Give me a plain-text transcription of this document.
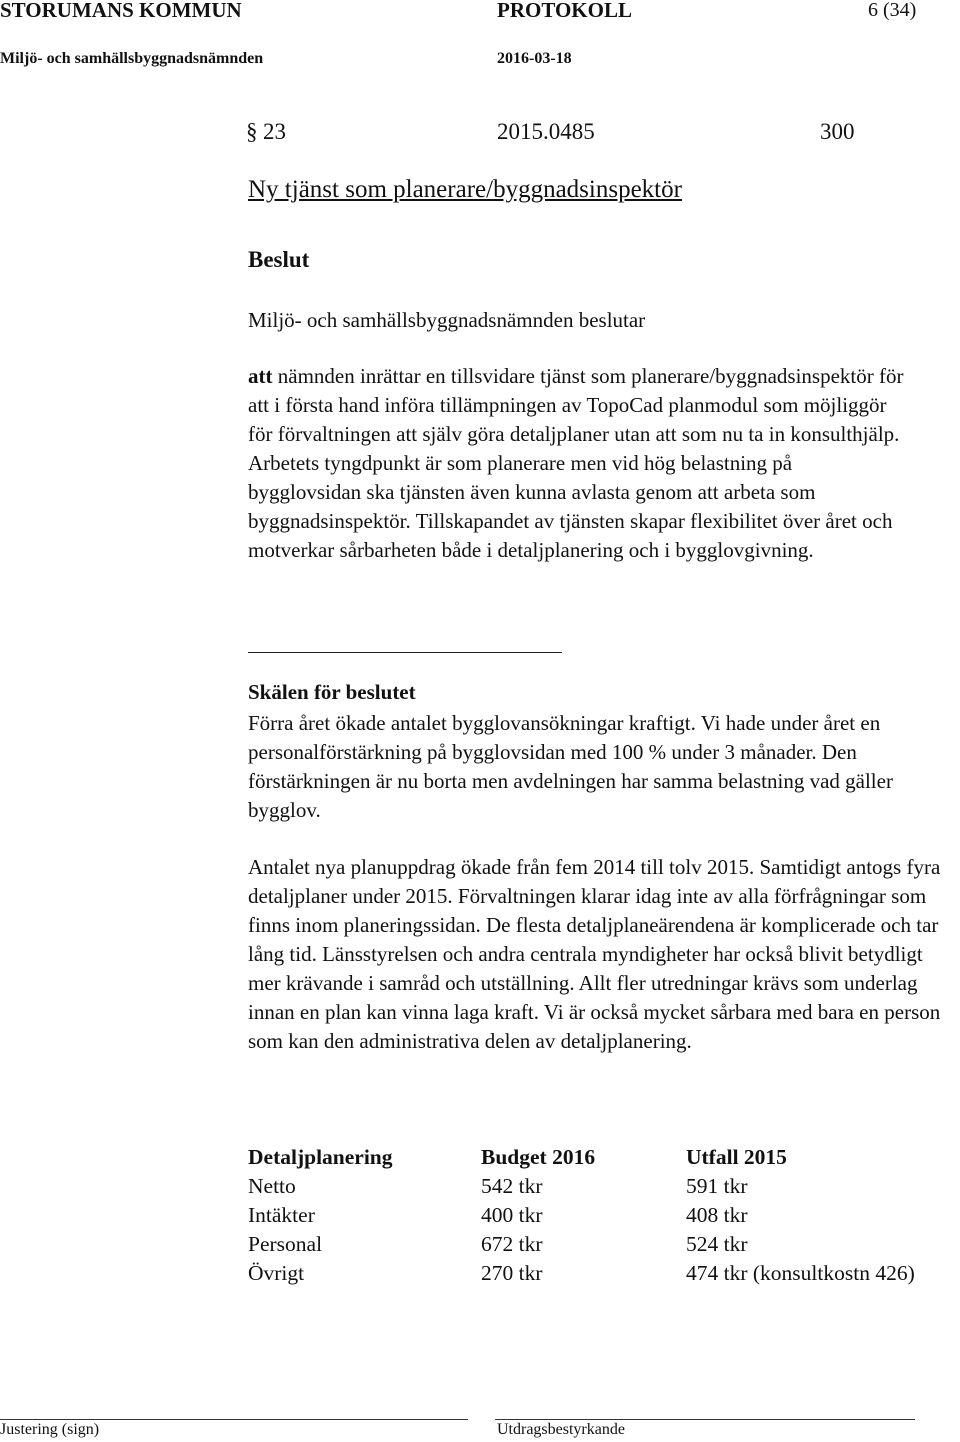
STORUMANS KOMMUN	PROTOKOLL	6 (34)
Miljö- och samhällsbyggnadsnämnden	2016-03-18
§ 23	2015.0485	300
Ny tjänst som planerare/byggnadsinspektör
Beslut
Miljö- och samhällsbyggnadsnämnden beslutar

att nämnden inrättar en tillsvidare tjänst som planerare/byggnadsinspektör för att i första hand införa tillämpningen av TopoCad planmodul som möjliggör för förvaltningen att själv göra detaljplaner utan att som nu ta in konsulthjälp. Arbetets tyngdpunkt är som planerare men vid hög belastning på bygglovsidan ska tjänsten även kunna avlasta genom att arbeta som byggnadsinspektör. Tillskapandet av tjänsten skapar flexibilitet över året och motverkar sårbarheten både i detaljplanering och i bygglovgivning.

Skälen för beslutet
Förra året ökade antalet bygglovansökningar kraftigt. Vi hade under året en personalförstärkning på bygglovsidan med 100 % under 3 månader. Den förstärkningen är nu borta men avdelningen har samma belastning vad gäller bygglov.
Antalet nya planuppdrag ökade från fem 2014 till tolv 2015. Samtidigt antogs fyra detaljplaner under 2015. Förvaltningen klarar idag inte av alla förfrågningar som finns inom planeringssidan. De flesta detaljplaneärendena är komplicerade och tar lång tid. Länsstyrelsen och andra centrala myndigheter har också blivit betydligt mer krävande i samråd och utställning. Allt fler utredningar krävs som underlag innan en plan kan vinna laga kraft. Vi är också mycket sårbara med bara en person som kan den administrativa delen av detaljplanering.
Detaljplanering	Budget 2016	Utfall 2015
Netto	542 tkr	591 tkr
Intäkter	400 tkr	408 tkr
Personal	672 tkr	524 tkr
Övrigt	270 tkr	474 tkr (konsultkostn 426)
Justering (sign)	Utdragsbestyrkande
